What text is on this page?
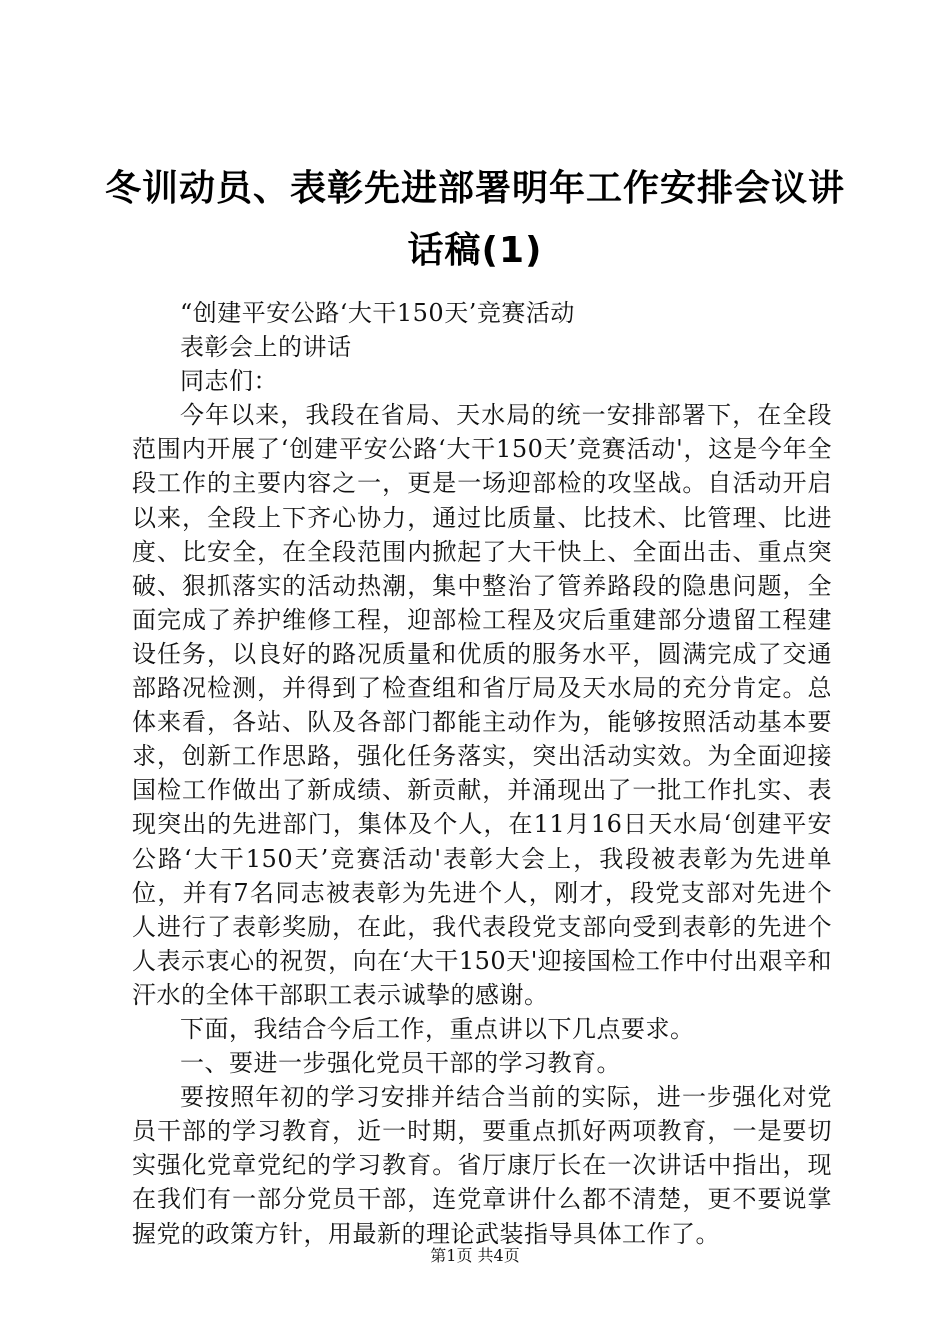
冬训动员、表彰先进部署明年工作安排会议讲
话稿(1)

“创建平安公路‘大干150天’竞赛活动

表彰会上的讲话

同志们：

今年以来，我段在省局、天水局的统一安排部署下，在全段范围内开展了‘创建平安公路‘大干150天’竞赛活动'，这是今年全段工作的主要内容之一，更是一场迎部检的攻坚战。自活动开启以来，全段上下齐心协力，通过比质量、比技术、比管理、比进度、比安全，在全段范围内掀起了大干快上、全面出击、重点突破、狠抓落实的活动热潮，集中整治了管养路段的隐患问题，全面完成了养护维修工程，迎部检工程及灾后重建部分遗留工程建设任务，以良好的路况质量和优质的服务水平，圆满完成了交通部路况检测，并得到了检查组和省厅局及天水局的充分肯定。总体来看，各站、队及各部门都能主动作为，能够按照活动基本要求，创新工作思路，强化任务落实，突出活动实效。为全面迎接国检工作做出了新成绩、新贡献，并涌现出了一批工作扎实、表现突出的先进部门，集体及个人，在11月16日天水局‘创建平安公路‘大干150天’竞赛活动'表彰大会上，我段被表彰为先进单位，并有7名同志被表彰为先进个人，刚才，段党支部对先进个人进行了表彰奖励，在此，我代表段党支部向受到表彰的先进个人表示衷心的祝贺，向在‘大干150天'迎接国检工作中付出艰辛和汗水的全体干部职工表示诚挚的感谢。

下面，我结合今后工作，重点讲以下几点要求。

一、要进一步强化党员干部的学习教育。

要按照年初的学习安排并结合当前的实际，进一步强化对党员干部的学习教育，近一时期，要重点抓好两项教育，一是要切实强化党章党纪的学习教育。省厅康厅长在一次讲话中指出，现在我们有一部分党员干部，连党章讲什么都不清楚，更不要说掌握党的政策方针，用最新的理论武装指导具体工作了。

第1页 共4页
